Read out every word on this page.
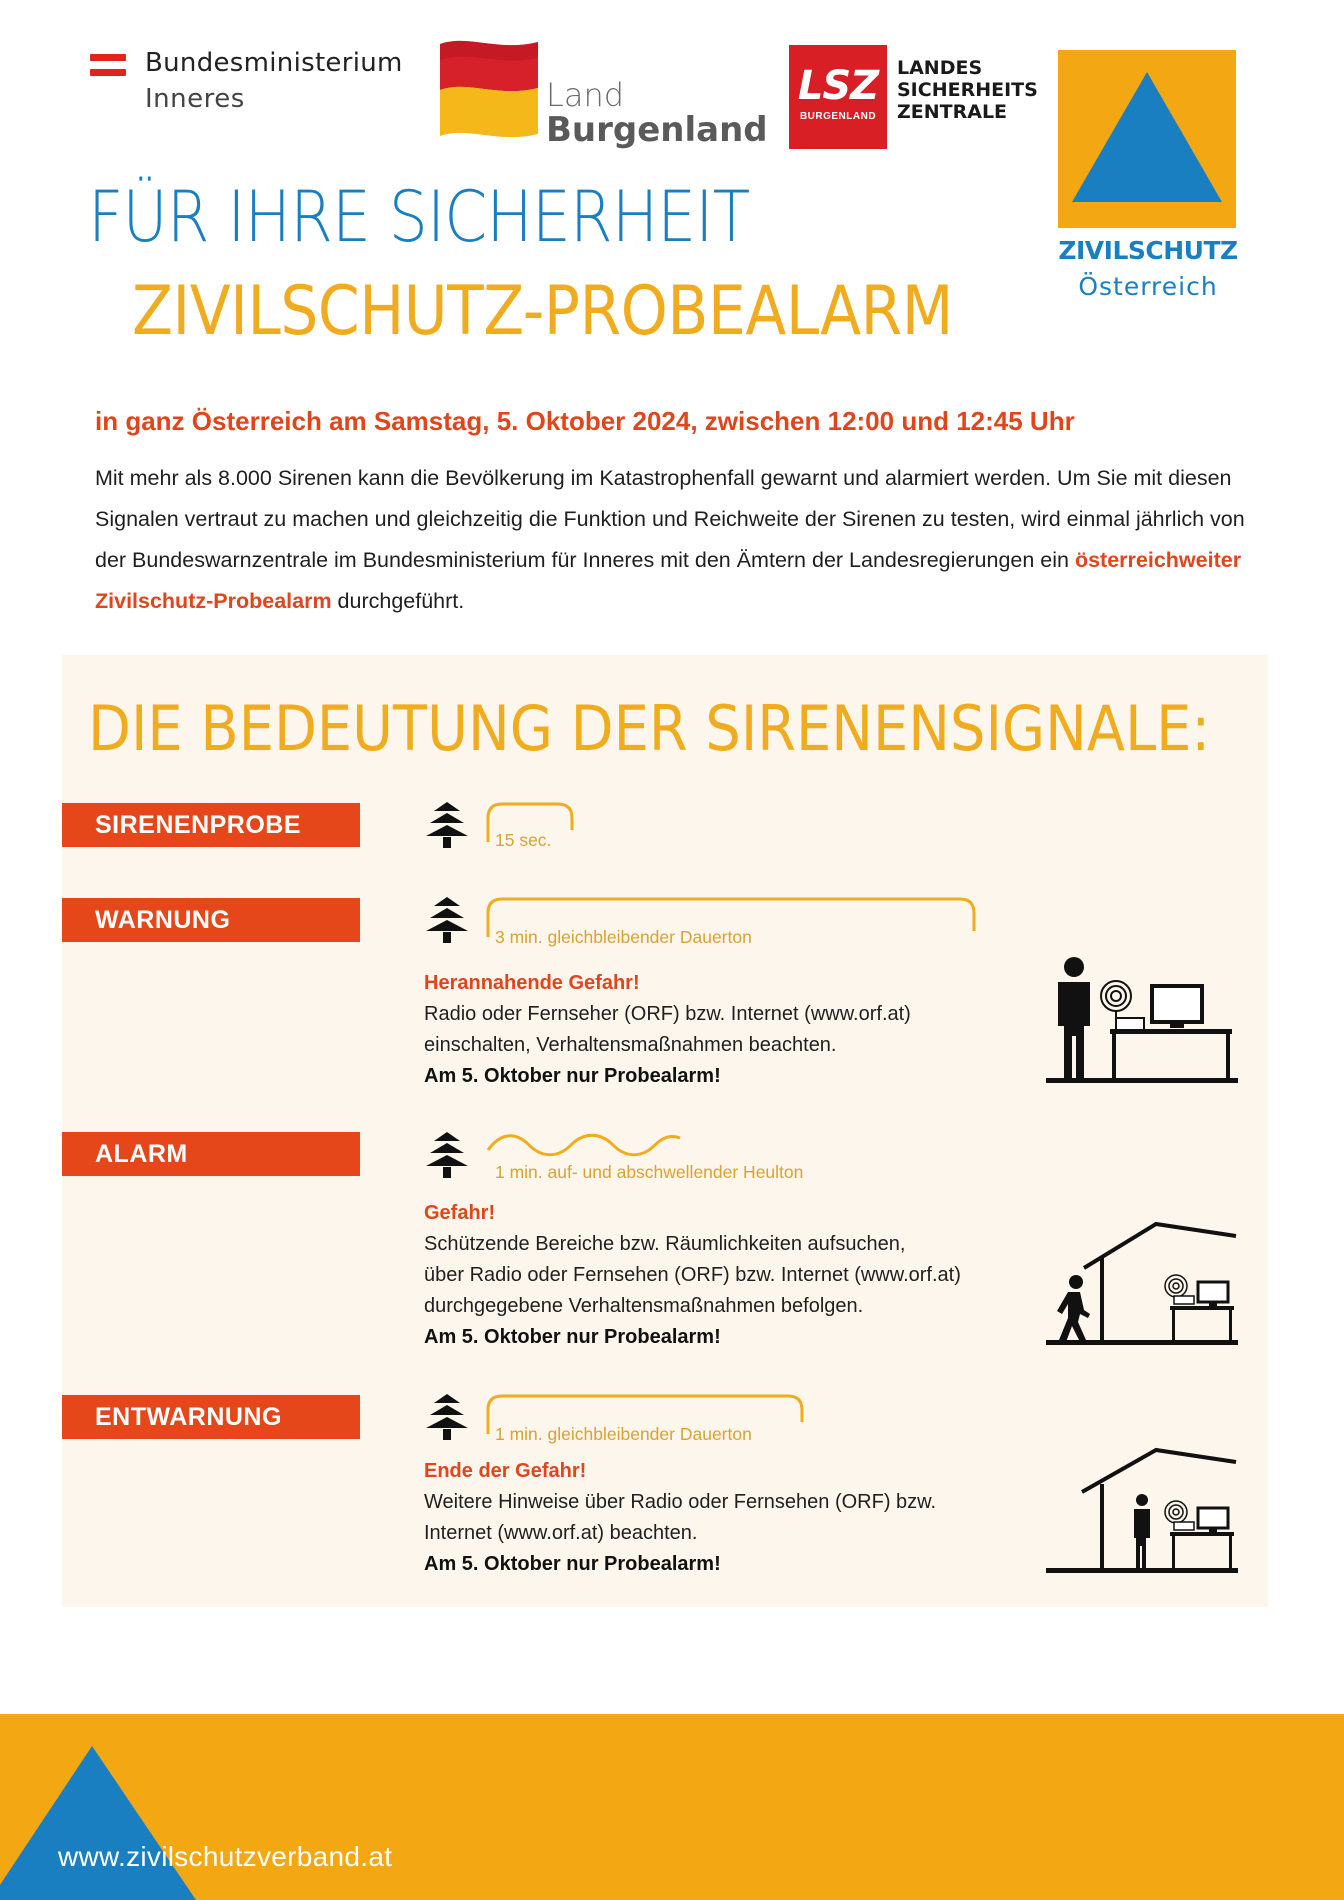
Bundesministerium
Inneres	Land
Burgenland
LSZ
BURGENLAND
LANDES
SICHERHEITS
ZENTRALE
ZIVILSCHUTZ
Österreich
FÜR IHRE SICHERHEIT
ZIVILSCHUTZ-PROBEALARM
in ganz Österreich am Samstag, 5. Oktober 2024, zwischen 12:00 und 12:45 Uhr

Mit mehr als 8.000 Sirenen kann die Bevölkerung im Katastrophenfall gewarnt und alarmiert werden. Um Sie mit diesen Signalen vertraut zu machen und gleichzeitig die Funktion und Reichweite der Sirenen zu testen, wird einmal jährlich von der Bundeswarnzentrale im Bundesministerium für Inneres mit den Ämtern der Landesregierungen ein österreichweiter Zivilschutz-Probealarm durchgeführt.

DIE BEDEUTUNG DER SIRENENSIGNALE:
SIRENENPROBE
15 sec.
WARNUNG
3 min. gleichbleibender Dauerton
Herannahende Gefahr!
Radio oder Fernseher (ORF) bzw. Internet (www.orf.at)
einschalten, Verhaltensmaßnahmen beachten.
Am 5. Oktober nur Probealarm!
ALARM
1 min. auf- und abschwellender Heulton
Gefahr!
Schützende Bereiche bzw. Räumlichkeiten aufsuchen,
über Radio oder Fernsehen (ORF) bzw. Internet (www.orf.at)
durchgegebene Verhaltensmaßnahmen befolgen.
Am 5. Oktober nur Probealarm!
ENTWARNUNG
1 min. gleichbleibender Dauerton
Ende der Gefahr!
Weitere Hinweise über Radio oder Fernsehen (ORF) bzw.
Internet (www.orf.at) beachten.
Am 5. Oktober nur Probealarm!
www.zivilschutzverband.at
